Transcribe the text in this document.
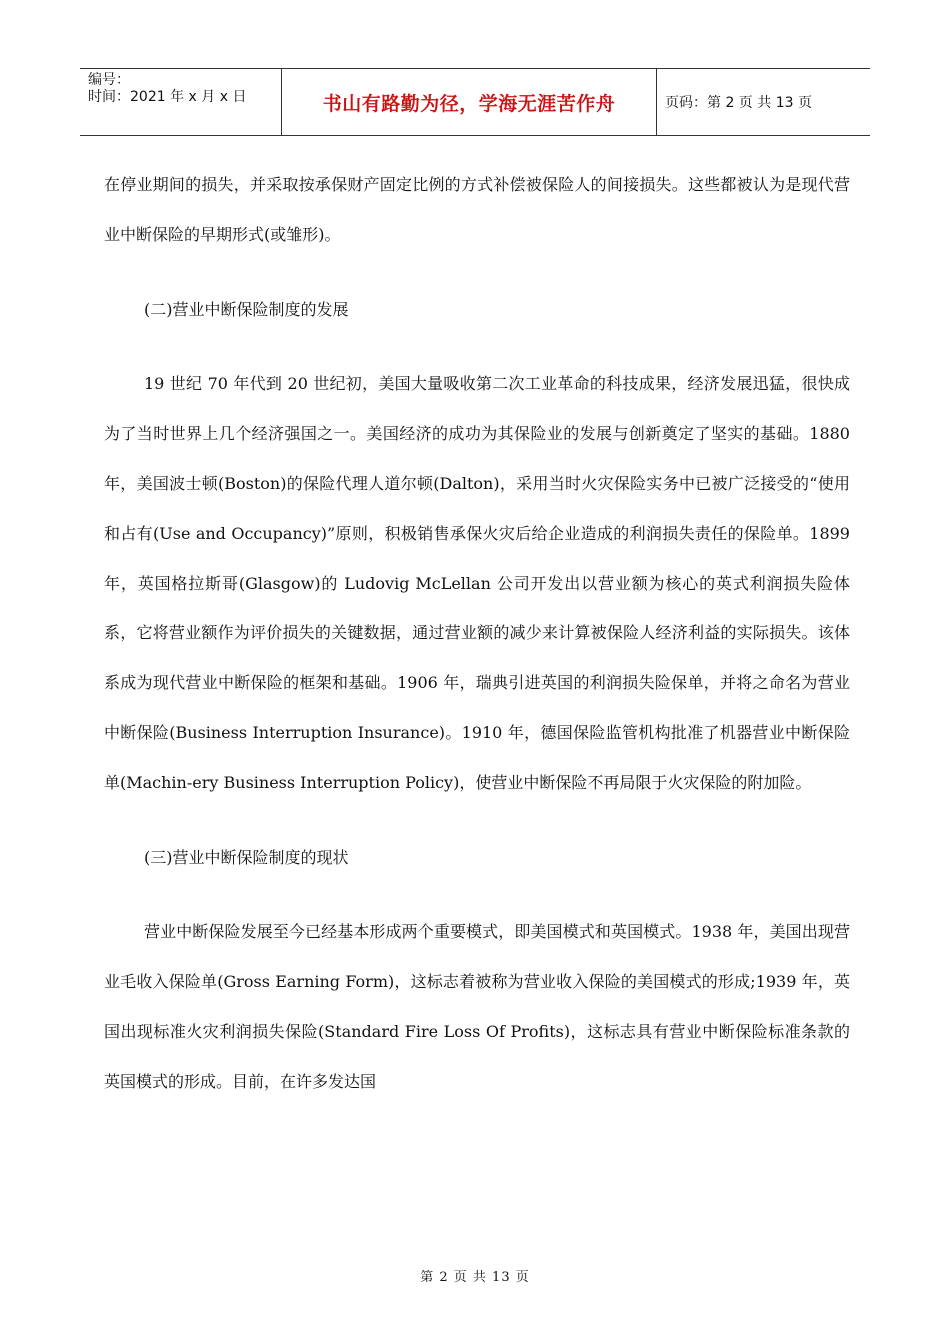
编号：
时间：2021 年 x 月 x 日	书山有路勤为径，学海无涯苦作舟	页码：第 2 页 共 13 页

在停业期间的损失，并采取按承保财产固定比例的方式补偿被保险人的间接损失。这些都被认为是现代营业中断保险的早期形式(或雏形)。

(二)营业中断保险制度的发展

19 世纪 70 年代到 20 世纪初，美国大量吸收第二次工业革命的科技成果，经济发展迅猛，很快成为了当时世界上几个经济强国之一。美国经济的成功为其保险业的发展与创新奠定了坚实的基础。1880 年，美国波士顿(Boston)的保险代理人道尔顿(Dalton)，采用当时火灾保险实务中已被广泛接受的“使用和占有(Use and Occupancy)”原则，积极销售承保火灾后给企业造成的利润损失责任的保险单。1899 年，英国格拉斯哥(Glasgow)的 Ludovig McLellan 公司开发出以营业额为核心的英式利润损失险体系，它将营业额作为评价损失的关键数据，通过营业额的减少来计算被保险人经济利益的实际损失。该体系成为现代营业中断保险的框架和基础。1906 年，瑞典引进英国的利润损失险保单，并将之命名为营业中断保险(Business Interruption Insurance)。1910 年，德国保险监管机构批准了机器营业中断保险单(Machin-ery Business Interruption Policy)，使营业中断保险不再局限于火灾保险的附加险。

(三)营业中断保险制度的现状

营业中断保险发展至今已经基本形成两个重要模式，即美国模式和英国模式。1938 年，美国出现营业毛收入保险单(Gross Earning Form)，这标志着被称为营业收入保险的美国模式的形成;1939 年，英国出现标准火灾利润损失保险(Standard Fire Loss Of Profits)，这标志具有营业中断保险标准条款的英国模式的形成。目前，在许多发达国

第 2 页 共 13 页
